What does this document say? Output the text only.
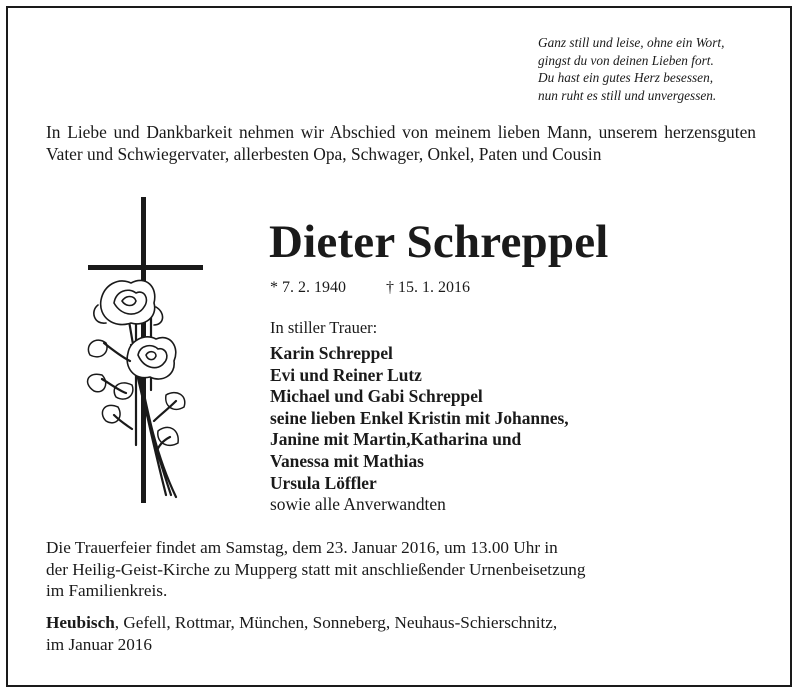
Ganz still und leise, ohne ein Wort,
gingst du von deinen Lieben fort.
Du hast ein gutes Herz besessen,
nun ruht es still und unvergessen.
In Liebe und Dankbarkeit nehmen wir Abschied von meinem lieben Mann, unserem herzensguten Vater und Schwiegervater, allerbesten Opa, Schwager, Onkel, Paten und Cousin
Dieter Schreppel
* 7. 2. 1940	† 15. 1. 2016
In stiller Trauer:
Karin Schreppel
Evi und Reiner Lutz
Michael und Gabi Schreppel
seine lieben Enkel Kristin mit Johannes,
Janine mit Martin,Katharina und
Vanessa mit Mathias
Ursula Löffler
sowie alle Anverwandten
Die Trauerfeier findet am Samstag, dem 23. Januar 2016, um 13.00 Uhr in
der Heilig-Geist-Kirche zu Mupperg statt mit anschließender Urnenbeisetzung
im Familienkreis.
Heubisch, Gefell, Rottmar, München, Sonneberg, Neuhaus-Schierschnitz,
im Januar 2016
